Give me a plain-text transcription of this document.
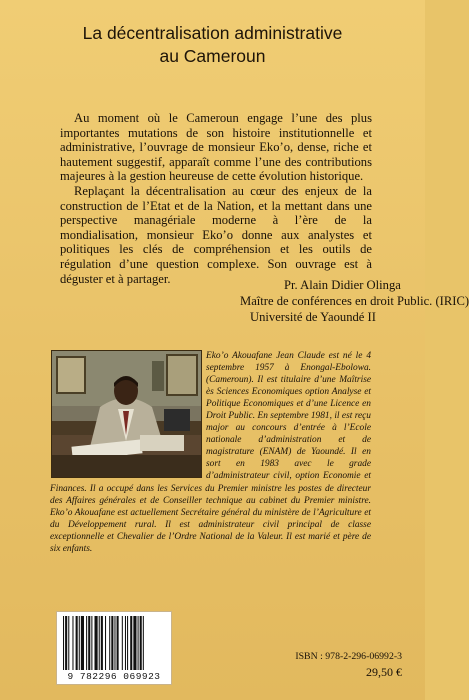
La décentralisation administrative
au Cameroun

Au moment où le Cameroun engage l’une des plus importantes mutations de son histoire institutionnelle et administrative, l’ouvrage de monsieur Eko’o, dense, riche et hautement suggestif, apparaît comme l’une des contributions majeures à la gestion heureuse de cette évolution historique.

Replaçant la décentralisation au cœur des enjeux de la construction de l’Etat et de la Nation, et la mettant dans une perspective managériale moderne à l’ère de la mondialisation, monsieur Eko’o donne aux analystes et politiques les clés de compréhension et les outils de régulation d’une question complexe. Son ouvrage est à déguster et à partager.	Pr. Alain Didier Olinga
Maître de conférences en droit Public. (IRIC)
Université de Yaoundé II

Eko’o Akouafane Jean Claude est né le 4 septembre 1957 à Enongal-Ebolowa. (Cameroun). Il est titulaire d’une Maîtrise ès Sciences Economiques option Analyse et Politique Economiques et d’une Licence en Droit Public. En septembre 1981, il est reçu major au concours d’entrée à l’Ecole nationale d’administration et de magistrature (ENAM) de Yaoundé. Il en sort en 1983 avec le grade d’administrateur civil, option Economie et Finances. Il a occupé dans les Services du Premier ministre les postes de directeur des Affaires générales et de Conseiller technique au cabinet du Premier ministre. Eko’o Akouafane est actuellement Secrétaire général du ministère de l’Agriculture et du Développement rural. Il est administrateur civil principal de classe exceptionnelle et Chevalier de l’Ordre National de la Valeur. Il est marié et père de six enfants.

9 782296 069923
ISBN : 978-2-296-06992-3
29,50 €
